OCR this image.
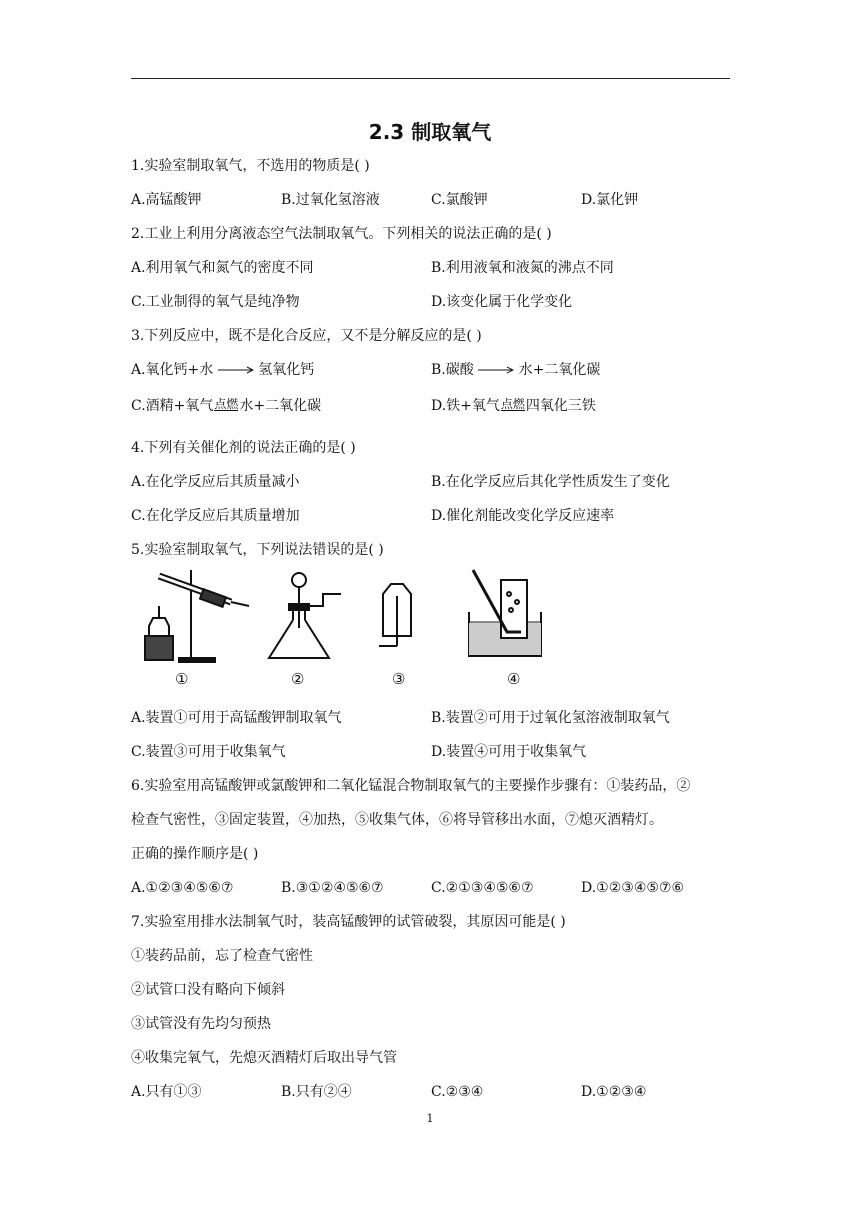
2.3 制取氧气
1.实验室制取氧气，不选用的物质是( )
A.高锰酸钾	B.过氧化氢溶液	C.氯酸钾	D.氯化钾
2.工业上利用分离液态空气法制取氧气。下列相关的说法正确的是( )
A.利用氧气和氮气的密度不同	B.利用液氧和液氮的沸点不同
C.工业制得的氧气是纯净物	D.该变化属于化学变化
3.下列反应中，既不是化合反应，又不是分解反应的是( )
A.氧化钙+水 → 氢氧化钙	B.碳酸 → 水+二氧化碳
C.酒精+氧气 点燃 水+二氧化碳	D.铁+氧气 点燃 四氧化三铁
4.下列有关催化剂的说法正确的是( )
A.在化学反应后其质量减小	B.在化学反应后其化学性质发生了变化
C.在化学反应后其质量增加	D.催化剂能改变化学反应速率
5.实验室制取氧气，下列说法错误的是( )
①	②	③	④
A.装置①可用于高锰酸钾制取氧气	B.装置②可用于过氧化氢溶液制取氧气
C.装置③可用于收集氧气	D.装置④可用于收集氧气
6.实验室用高锰酸钾或氯酸钾和二氧化锰混合物制取氧气的主要操作步骤有：①装药品，②
检查气密性，③固定装置，④加热，⑤收集气体，⑥将导管移出水面，⑦熄灭酒精灯。
正确的操作顺序是( )
A.①②③④⑤⑥⑦	B.③①②④⑤⑥⑦	C.②①③④⑤⑥⑦	D.①②③④⑤⑦⑥
7.实验室用排水法制氧气时，装高锰酸钾的试管破裂，其原因可能是( )
①装药品前，忘了检查气密性
②试管口没有略向下倾斜
③试管没有先均匀预热
④收集完氧气，先熄灭酒精灯后取出导气管
A.只有①③	B.只有②④	C.②③④	D.①②③④
1
